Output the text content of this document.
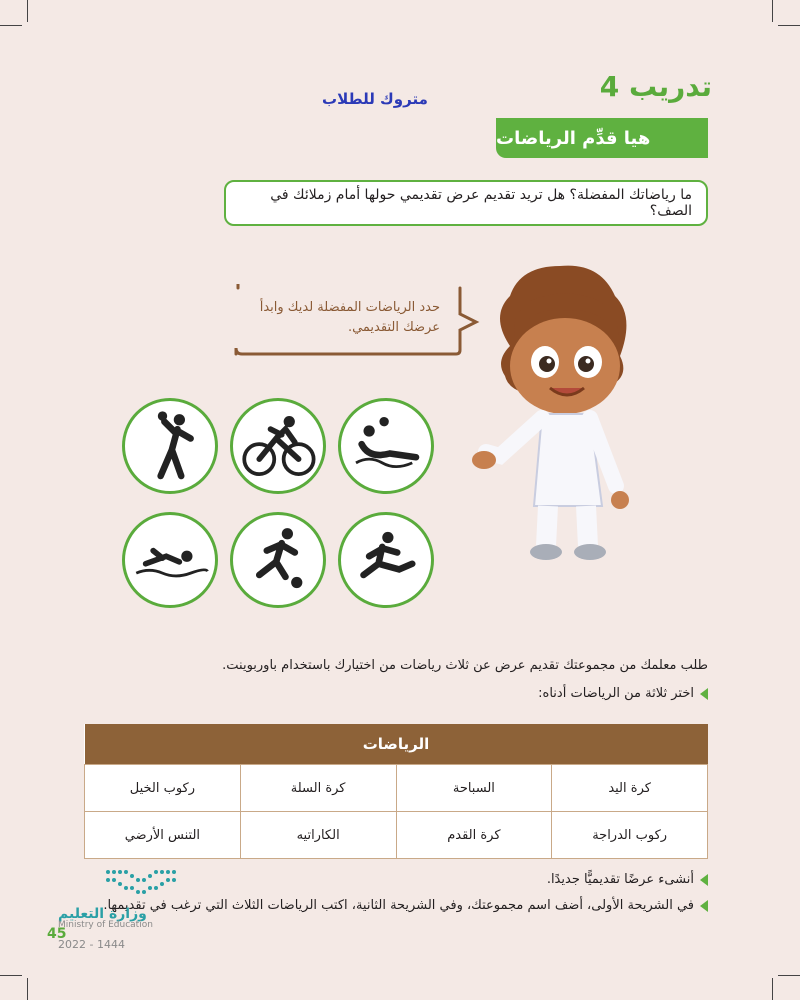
تدريب 4
متروك للطلاب
هيا قدِّم الرياضات
ما رياضاتك المفضلة؟ هل تريد تقديم عرض تقديمي حولها أمام زملائك في الصف؟
حدد الرياضات المفضلة لديك وابدأ
عرضك التقديمي.
طلب معلمك من مجموعتك تقديم عرض عن ثلاث رياضات من اختيارك باستخدام باوربوينت.
اختر ثلاثة من الرياضات أدناه:
الرياضات			
كرة اليد	السباحة	كرة السلة	ركوب الخيل
ركوب الدراجة	كرة القدم	الكاراتيه	التنس الأرضي
أنشىء عرضًا تقديميًّا جديدًا.
في الشريحة الأولى، أضف اسم مجموعتك، وفي الشريحة الثانية، اكتب الرياضات الثلاث التي ترغب في تقديمها.
وزارة التعليم
Ministry of Education
45
2022 - 1444
